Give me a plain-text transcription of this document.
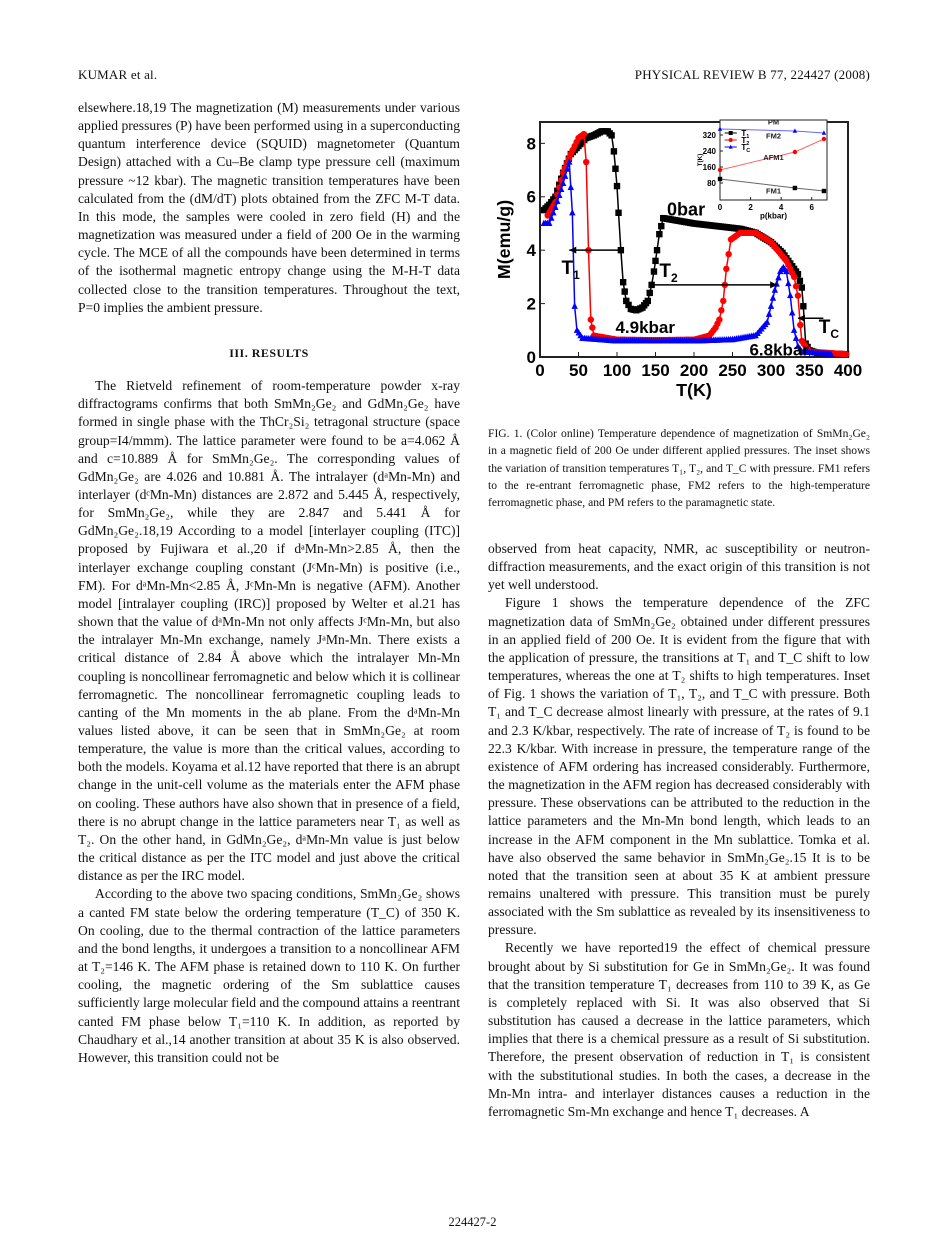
KUMAR et al.	PHYSICAL REVIEW B 77, 224427 (2008)

elsewhere.18,19 The magnetization (M) measurements under various applied pressures (P) have been performed using in a superconducting quantum interference device (SQUID) magnetometer (Quantum Design) attached with a Cu–Be clamp type pressure cell (maximum pressure ~12 kbar). The magnetic transition temperatures have been calculated from the (dM/dT) plots obtained from the ZFC M-T data. In this mode, the samples were cooled in zero field (H) and the magnetization was measured under a field of 200 Oe in the warming cycle. The MCE of all the compounds have been determined in terms of the isothermal magnetic entropy change using the M-H-T data collected close to the transition temperatures. Throughout the text, P=0 implies the ambient pressure.

III. RESULTS

The Rietveld refinement of room-temperature powder x-ray diffractograms confirms that both SmMn₂Ge₂ and GdMn₂Ge₂ have formed in single phase with the ThCr₂Si₂ tetragonal structure (space group=I4/mmm). The lattice parameter were found to be a=4.062 Å and c=10.889 Å for SmMn₂Ge₂. The corresponding values of GdMn₂Ge₂ are 4.026 and 10.881 Å. The intralayer (dᵃMn-Mn) and interlayer (dᶜMn-Mn) distances are 2.872 and 5.445 Å, respectively, for SmMn₂Ge₂, while they are 2.847 and 5.441 Å for GdMn₂Ge₂.18,19 According to a model [interlayer coupling (ITC)] proposed by Fujiwara et al.,20 if dᵃMn-Mn>2.85 Å, then the interlayer exchange coupling constant (JᶜMn-Mn) is positive (i.e., FM). For dᵃMn-Mn<2.85 Å, JᶜMn-Mn is negative (AFM). Another model [intralayer coupling (IRC)] proposed by Welter et al.21 has shown that the value of dᵃMn-Mn not only affects JᶜMn-Mn, but also the intralayer Mn-Mn exchange, namely JᵃMn-Mn. There exists a critical distance of 2.84 Å above which the intralayer Mn-Mn coupling is noncollinear ferromagnetic and below which it is collinear ferromagnetic. The noncollinear ferromagnetic coupling leads to canting of the Mn moments in the ab plane. From the dᵃMn-Mn values listed above, it can be seen that in SmMn₂Ge₂ at room temperature, the value is more than the critical values, according to both the models. Koyama et al.12 have reported that there is an abrupt change in the unit-cell volume as the materials enter the AFM phase on cooling. These authors have also shown that in presence of a field, there is no abrupt change in the lattice parameters near T₁ as well as T₂. On the other hand, in GdMn₂Ge₂, dᵃMn-Mn value is just below the critical distance as per the ITC model and just above the critical distance as per the IRC model.

According to the above two spacing conditions, SmMn₂Ge₂ shows a canted FM state below the ordering temperature (T_C) of 350 K. On cooling, due to the thermal contraction of the lattice parameters and the bond lengths, it undergoes a transition to a noncollinear AFM at T₂=146 K. The AFM phase is retained down to 110 K. On further cooling, the magnetic ordering of the Sm sublattice causes sufficiently large molecular field and the compound attains a reentrant canted FM phase below T₁=110 K. In addition, as reported by Chaudhary et al.,14 another transition at about 35 K is also observed. However, this transition could not be

0 50 100 150 200 250 300 350 400
0
2
4
6
8
T(K)
M(emu/g)	0bar
4.9kbar
6.8kbar
$T_1$	$T_2$
$T_C$
0	2	4	6
80
160
240
320
p(kbar)
T(K)
PM
FM2
AFM1
FM1
$T_1$
$T_2$
$T_C$
FIG. 1. (Color online) Temperature dependence of magnetization of SmMn₂Ge₂ in a magnetic field of 200 Oe under different applied pressures. The inset shows the variation of transition temperatures T₁, T₂, and T_C with pressure. FM1 refers to the re-entrant ferromagnetic phase, FM2 refers to the high-temperature ferromagnetic phase, and PM refers to the paramagnetic state.

observed from heat capacity, NMR, ac susceptibility or neutron-diffraction measurements, and the exact origin of this transition is not yet well understood.

Figure 1 shows the temperature dependence of the ZFC magnetization data of SmMn₂Ge₂ obtained under different pressures in an applied field of 200 Oe. It is evident from the figure that with the application of pressure, the transitions at T₁ and T_C shift to low temperatures, whereas the one at T₂ shifts to high temperatures. Inset of Fig. 1 shows the variation of T₁, T₂, and T_C with pressure. Both T₁ and T_C decrease almost linearly with pressure, at the rates of 9.1 and 2.3 K/kbar, respectively. The rate of increase of T₂ is found to be 22.3 K/kbar. With increase in pressure, the temperature range of the existence of AFM ordering has increased considerably. Furthermore, the magnetization in the AFM region has decreased considerably with pressure. These observations can be attributed to the reduction in the lattice parameters and the Mn-Mn bond length, which leads to an increase in the AFM component in the Mn sublattice. Tomka et al. have also observed the same behavior in SmMn₂Ge₂.15 It is to be noted that the transition seen at about 35 K at ambient pressure remains unaltered with pressure. This transition must be purely associated with the Sm sublattice as revealed by its insensitiveness to pressure.

Recently we have reported19 the effect of chemical pressure brought about by Si substitution for Ge in SmMn₂Ge₂. It was found that the transition temperature T₁ decreases from 110 to 39 K, as Ge is completely replaced with Si. It was also observed that Si substitution has caused a decrease in the lattice parameters, which implies that there is a chemical pressure as a result of Si substitution. Therefore, the present observation of reduction in T₁ is consistent with the substitutional studies. In both the cases, a decrease in the Mn-Mn intra- and interlayer distances causes a reduction in the ferromagnetic Sm-Mn exchange and hence T₁ decreases. A

224427-2
